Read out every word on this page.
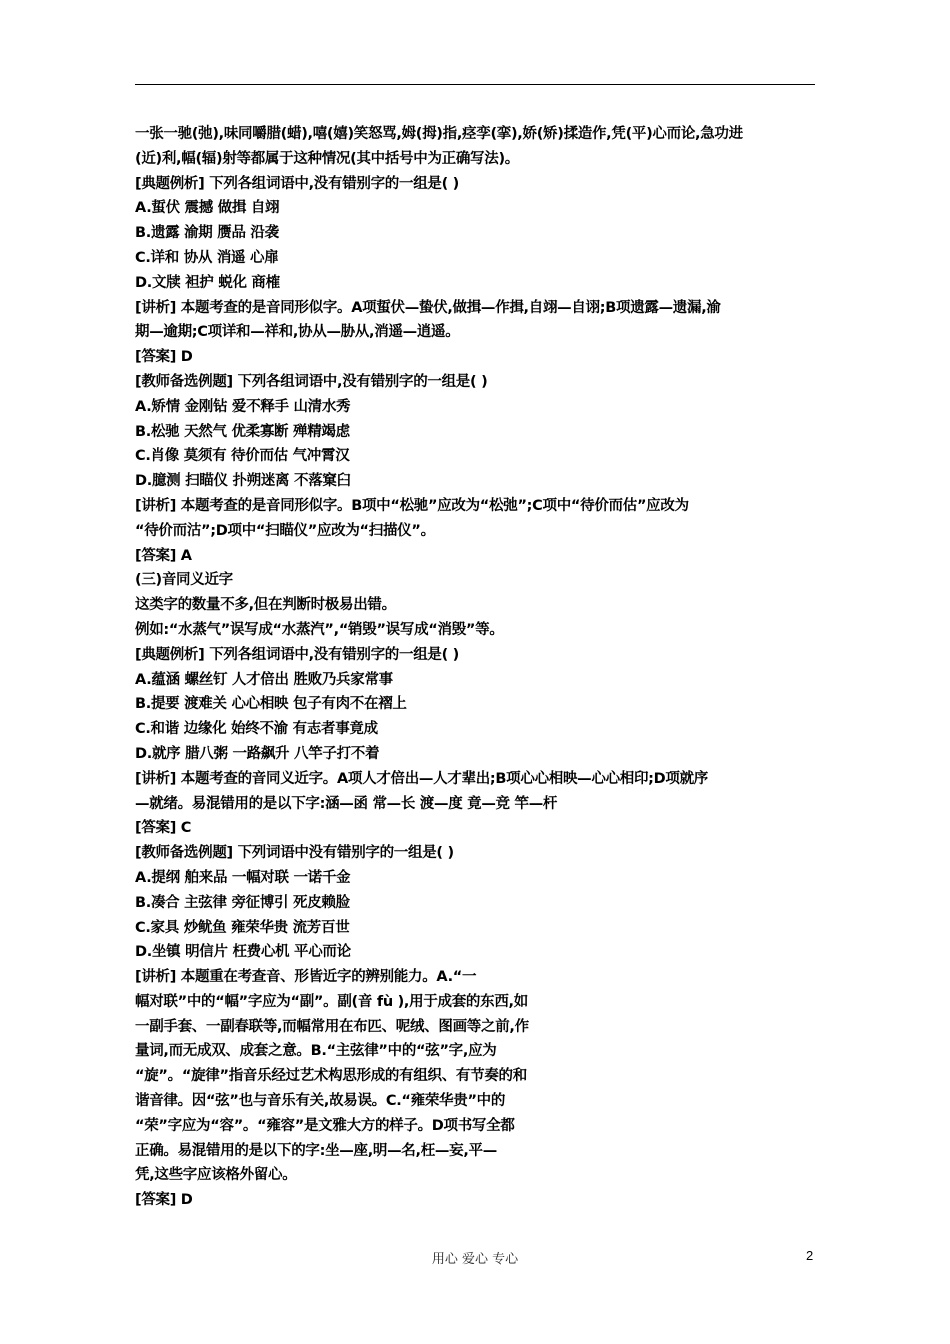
一张一驰(弛),味同嚼腊(蜡),嘻(嬉)笑怒骂,姆(拇)指,痉孪(挛),娇(矫)揉造作,凭(平)心而论,急功进
(近)利,幅(辐)射等都属于这种情况(其中括号中为正确写法)。
[典题例析] 下列各组词语中,没有错别字的一组是( )
A.蜇伏 震撼 做揖 自翊
B.遗露 渝期 赝品 沿袭
C.详和 协从 消遥 心扉
D.文牍 袒护 蜕化 商榷
[讲析] 本题考查的是音同形似字。A项蜇伏—蛰伏,做揖—作揖,自翊—自诩;B项遗露—遗漏,渝
期—逾期;C项详和—祥和,协从—胁从,消遥—逍遥。
[答案] D
[教师备选例题] 下列各组词语中,没有错别字的一组是( )
A.矫情 金刚钻 爱不释手 山清水秀
B.松驰 天然气 优柔寡断 殚精竭虑
C.肖像 莫须有 待价而估 气冲霄汉
D.臆测 扫瞄仪 扑朔迷离 不落窠臼
[讲析] 本题考查的是音同形似字。B项中“松驰”应改为“松弛”;C项中“待价而估”应改为
“待价而沽”;D项中“扫瞄仪”应改为“扫描仪”。
[答案] A
(三)音同义近字
这类字的数量不多,但在判断时极易出错。
例如:“水蒸气”误写成“水蒸汽”,“销毁”误写成“消毁”等。
[典题例析] 下列各组词语中,没有错别字的一组是( )
A.蕴涵 螺丝钉 人才倍出 胜败乃兵家常事
B.提要 渡难关 心心相映 包子有肉不在褶上
C.和谐 边缘化 始终不渝 有志者事竟成
D.就序 腊八粥 一路飙升 八竿子打不着
[讲析] 本题考查的音同义近字。A项人才倍出—人才辈出;B项心心相映—心心相印;D项就序
—就绪。易混错用的是以下字:涵—函 常—长 渡—度 竟—竞 竿—杆
[答案] C
[教师备选例题] 下列词语中没有错别字的一组是( )
A.提纲 舶来品 一幅对联 一诺千金
B.凑合 主弦律 旁征博引 死皮赖脸
C.家具 炒鱿鱼 雍荣华贵 流芳百世
D.坐镇 明信片 枉费心机 平心而论
[讲析] 本题重在考查音、形皆近字的辨别能力。A.“一
幅对联”中的“幅”字应为“副”。副(音 fù ),用于成套的东西,如
一副手套、一副春联等,而幅常用在布匹、呢绒、图画等之前,作
量词,而无成双、成套之意。B.“主弦律”中的“弦”字,应为
“旋”。“旋律”指音乐经过艺术构思形成的有组织、有节奏的和
谐音律。因“弦”也与音乐有关,故易误。C.“雍荣华贵”中的
“荣”字应为“容”。“雍容”是文雅大方的样子。D项书写全都
正确。易混错用的是以下的字:坐—座,明—名,枉—妄,平—
凭,这些字应该格外留心。
[答案] D
用心 爱心 专心	2
